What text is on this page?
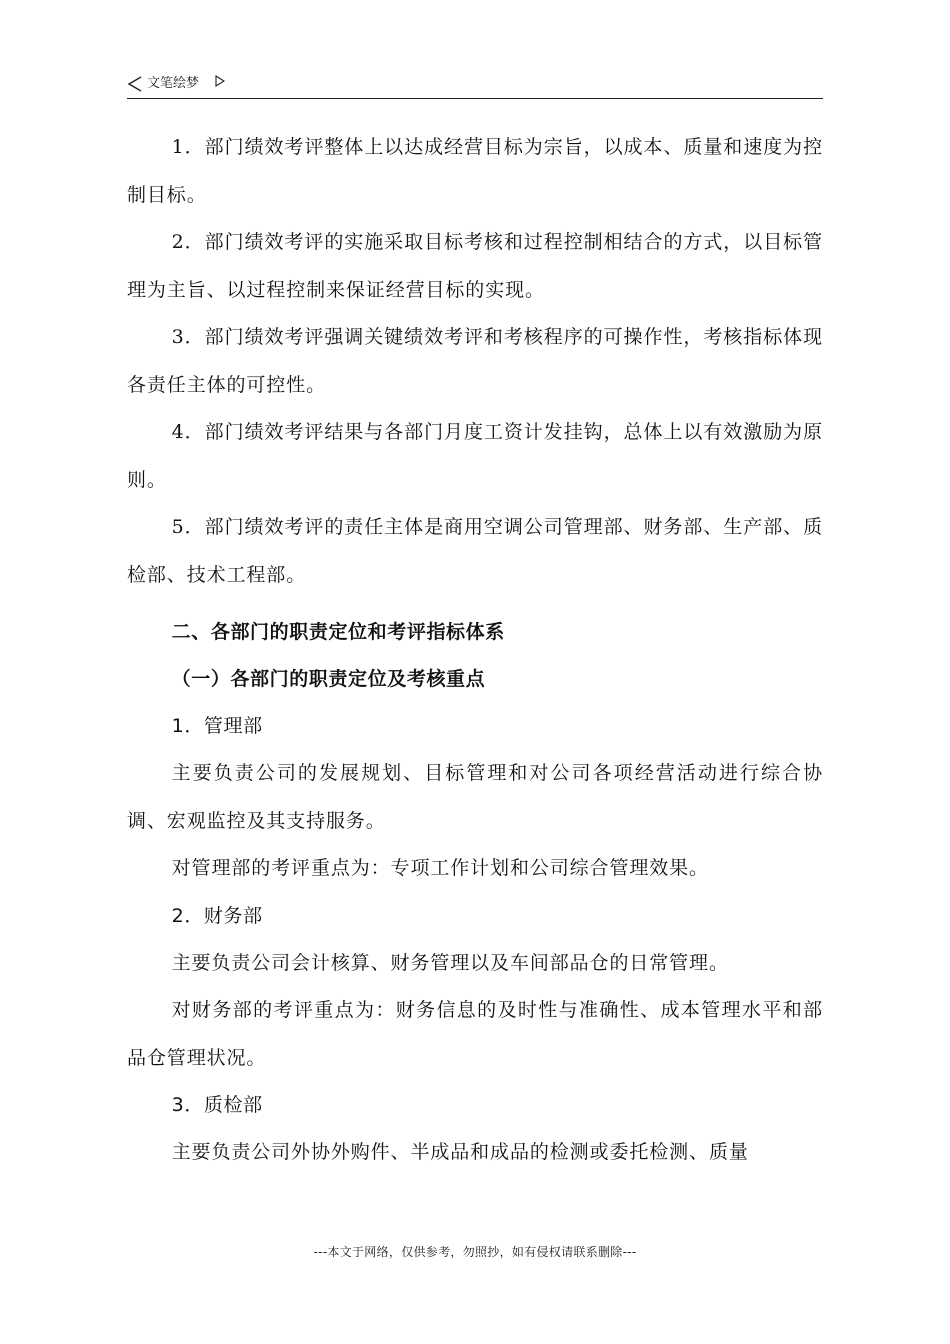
文笔绘梦

1．部门绩效考评整体上以达成经营目标为宗旨，以成本、质量和速度为控制目标。

2．部门绩效考评的实施采取目标考核和过程控制相结合的方式，以目标管理为主旨、以过程控制来保证经营目标的实现。

3．部门绩效考评强调关键绩效考评和考核程序的可操作性，考核指标体现各责任主体的可控性。

4．部门绩效考评结果与各部门月度工资计发挂钩，总体上以有效激励为原则。

5．部门绩效考评的责任主体是商用空调公司管理部、财务部、生产部、质检部、技术工程部。

二、各部门的职责定位和考评指标体系

（一）各部门的职责定位及考核重点

1．管理部

主要负责公司的发展规划、目标管理和对公司各项经营活动进行综合协调、宏观监控及其支持服务。

对管理部的考评重点为：专项工作计划和公司综合管理效果。

2．财务部

主要负责公司会计核算、财务管理以及车间部品仓的日常管理。

对财务部的考评重点为：财务信息的及时性与准确性、成本管理水平和部品仓管理状况。

3．质检部

主要负责公司外协外购件、半成品和成品的检测或委托检测、质量

---本文于网络，仅供参考，勿照抄，如有侵权请联系删除---
